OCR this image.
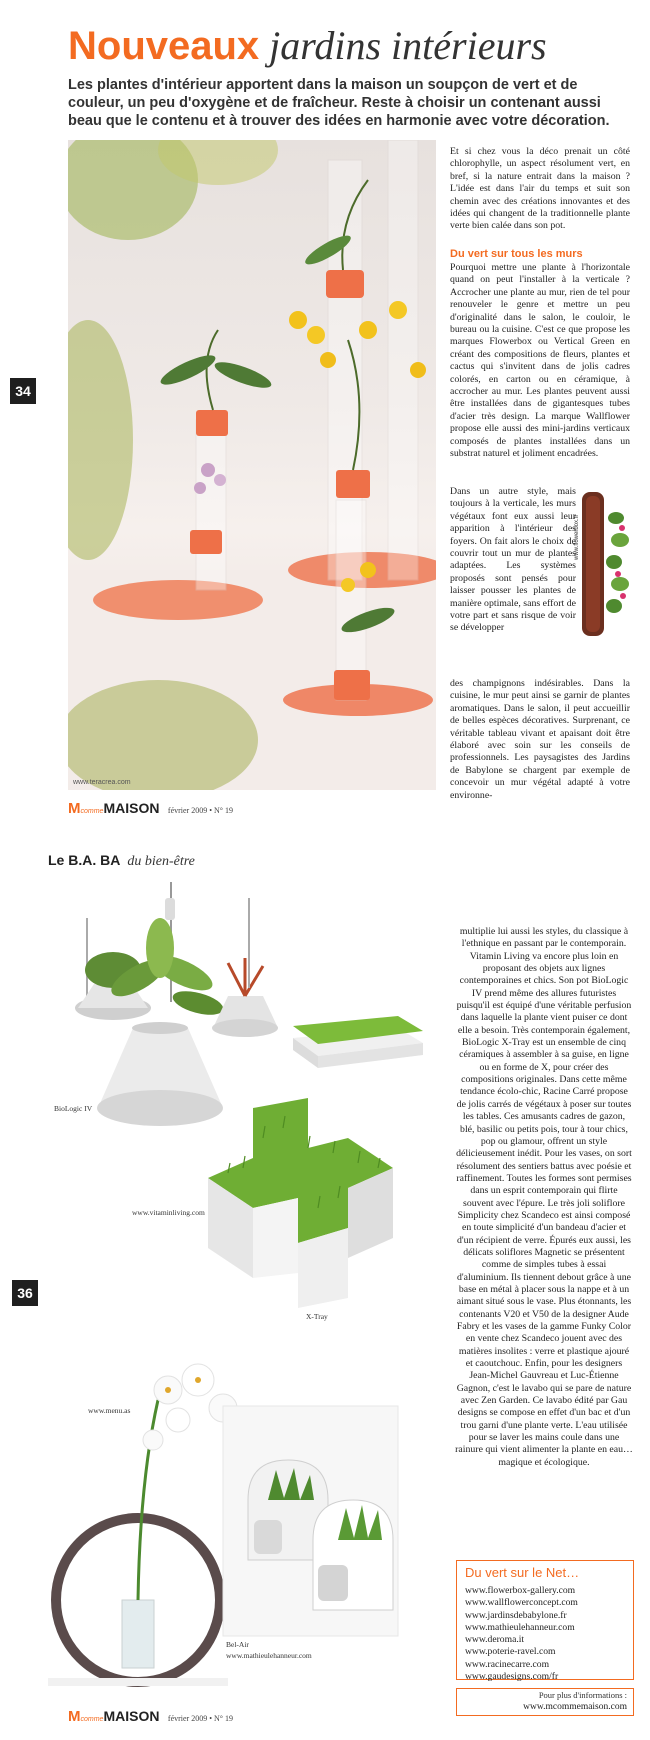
Nouveaux jardins intérieurs
Les plantes d'intérieur apportent dans la maison un soupçon de vert et de couleur, un peu d'oxygène et de fraîcheur. Reste à choisir un contenant aussi beau que le contenu et à trouver des idées en harmonie avec votre décoration.
www.teracrea.com
Et si chez vous la déco prenait un côté chlorophylle, un aspect résolument vert, en bref, si la nature entrait dans la maison ? L'idée est dans l'air du temps et suit son chemin avec des créations innovantes et des idées qui changent de la traditionnelle plante verte bien calée dans son pot.
Du vert sur tous les murs
Pourquoi mettre une plante à l'horizontale quand on peut l'installer à la verticale ? Accrocher une plante au mur, rien de tel pour renouveler le genre et mettre un peu d'originalité dans le salon, le couloir, le bureau ou la cuisine. C'est ce que propose les marques Flowerbox ou Vertical Green en créant des compositions de fleurs, plantes et cactus qui s'invitent dans de jolis cadres colorés, en carton ou en céramique, à accrocher au mur. Les plantes peuvent aussi être installées dans de gigantesques tubes d'acier très design. La marque Wallflower propose elle aussi des mini-jardins verticaux composés de plantes installées dans un substrat naturel et joliment encadrées.
Dans un autre style, mais toujours à la verticale, les murs végétaux font eux aussi leur apparition à l'intérieur des foyers. On fait alors le choix de couvrir tout un mur de plantes adaptées. Les systèmes proposés sont pensés pour laisser pousser les plantes de manière optimale, sans effort de votre part et sans risque de voir se développer
des champignons indésirables. Dans la cuisine, le mur peut ainsi se garnir de plantes aromatiques. Dans le salon, il peut accueillir de belles espèces décoratives. Surprenant, ce véritable tableau vivant et apaisant doit être élaboré avec soin sur les conseils de professionnels. Les paysagistes des Jardins de Babylone se chargent par exemple de concevoir un mur végétal adapté à votre environne-
www.flowerbox.fr
34
McommeMAISON février 2009 • N° 19
Le B.A. BA du bien-être
BioLogic IV
www.vitaminliving.com
X-Tray
www.menu.as
Bel-Air
www.mathieulehanneur.com
multiplie lui aussi les styles, du classique à l'ethnique en passant par le contemporain. Vitamin Living va encore plus loin en proposant des objets aux lignes contemporaines et chics. Son pot BioLogic IV prend même des allures futuristes puisqu'il est équipé d'une véritable perfusion dans laquelle la plante vient puiser ce dont elle a besoin. Très contemporain également, BioLogic X-Tray est un ensemble de cinq céramiques à assembler à sa guise, en ligne ou en forme de X, pour créer des compositions originales. Dans cette même tendance écolo-chic, Racine Carré propose de jolis carrés de végétaux à poser sur toutes les tables. Ces amusants cadres de gazon, blé, basilic ou petits pois, tour à tour chics, pop ou glamour, offrent un style délicieusement inédit. Pour les vases, on sort résolument des sentiers battus avec poésie et raffinement. Toutes les formes sont permises dans un esprit contemporain qui flirte souvent avec l'épure. Le très joli soliflore Simplicity chez Scandeco est ainsi composé en toute simplicité d'un bandeau d'acier et d'un récipient de verre. Épurés eux aussi, les délicats soliflores Magnetic se présentent comme de simples tubes à essai d'aluminium. Ils tiennent debout grâce à une base en métal à placer sous la nappe et à un aimant situé sous le vase. Plus étonnants, les contenants V20 et V50 de la designer Aude Fabry et les vases de la gamme Funky Color en vente chez Scandeco jouent avec des matières insolites : verre et plastique ajouré et caoutchouc. Enfin, pour les designers Jean-Michel Gauvreau et Luc-Étienne Gagnon, c'est le lavabo qui se pare de nature avec Zen Garden. Ce lavabo édité par Gau designs se compose en effet d'un bac et d'un trou garni d'une plante verte. L'eau utilisée pour se laver les mains coule dans une rainure qui vient alimenter la plante en eau… magique et écologique.
36
Du vert sur le Net…
www.flowerbox-gallery.com
www.wallflowerconcept.com
www.jardinsdebabylone.fr
www.mathieulehanneur.com
www.deroma.it
www.poterie-ravel.com
www.racinecarre.com
www.gaudesigns.com/fr
Pour plus d'informations :
www.mcommemaison.com
McommeMAISON février 2009 • N° 19
